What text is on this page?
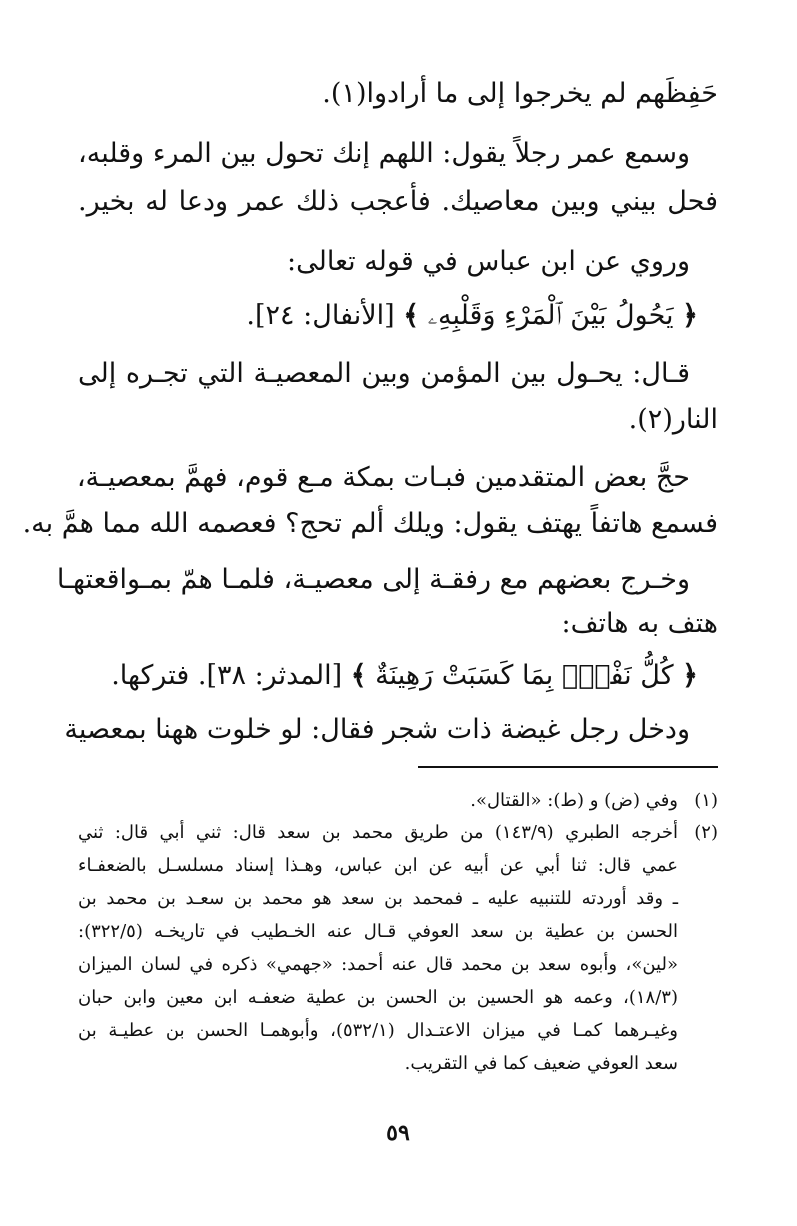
حَفِظَهم لم يخرجوا إلى ما أرادوا(١).
وسمع عمر رجلاً يقول: اللهم إنك تحول بين المرء وقلبه،
فحل بيني وبين معاصيك. فأعجب ذلك عمر ودعا له بخير.
وروي عن ابن عباس في قوله تعالى:
﴿ يَحُولُ بَيْنَ ٱلْمَرْءِ وَقَلْبِهِۦ ﴾ [الأنفال: ٢٤].
قـال: يحـول بين المؤمن وبين المعصيـة التي تجـره إلى
النار(٢).
حجَّ بعض المتقدمين فبـات بمكة مـع قوم، فهمَّ بمعصيـة،
فسمع هاتفاً يهتف يقول: ويلك ألم تحج؟ فعصمه الله مما همَّ به.
وخـرج بعضهم مع رفقـة إلى معصيـة، فلمـا همّ بمـواقعتهـا
هتف به هاتف:
﴿ كُلُّ نَفْسٍۭ بِمَا كَسَبَتْ رَهِينَةٌ ﴾ [المدثر: ٣٨]. فتركها.
ودخل رجل غيضة ذات شجر فقال: لو خلوت ههنا بمعصية
(١)وفي (ض) و (ط): «القتال».
(٢)أخرجه الطبري (١٤٣/٩) من طريق محمد بن سعد قال: ثني أبي قال: ثني
عمي قال: ثنا أبي عن أبيه عن ابن عباس، وهـذا إسناد مسلسـل بالضعفـاء
ـ وقد أوردته للتنبيه عليه ـ فمحمد بن سعد هو محمد بن سعـد بن محمد بن
الحسن بن عطية بن سعد العوفي قـال عنه الخـطيب في تاريخـه (٣٢٢/٥):
«لين»، وأبوه سعد بن محمد قال عنه أحمد: «جهمي» ذكره في لسان الميزان
(١٨/٣)، وعمه هو الحسين بن الحسن بن عطية ضعفـه ابن معين وابن حبان
وغيـرهما كمـا في ميزان الاعتـدال (٥٣٢/١)، وأبوهمـا الحسن بن عطيـة بن
سعد العوفي ضعيف كما في التقريب.
٥٩
